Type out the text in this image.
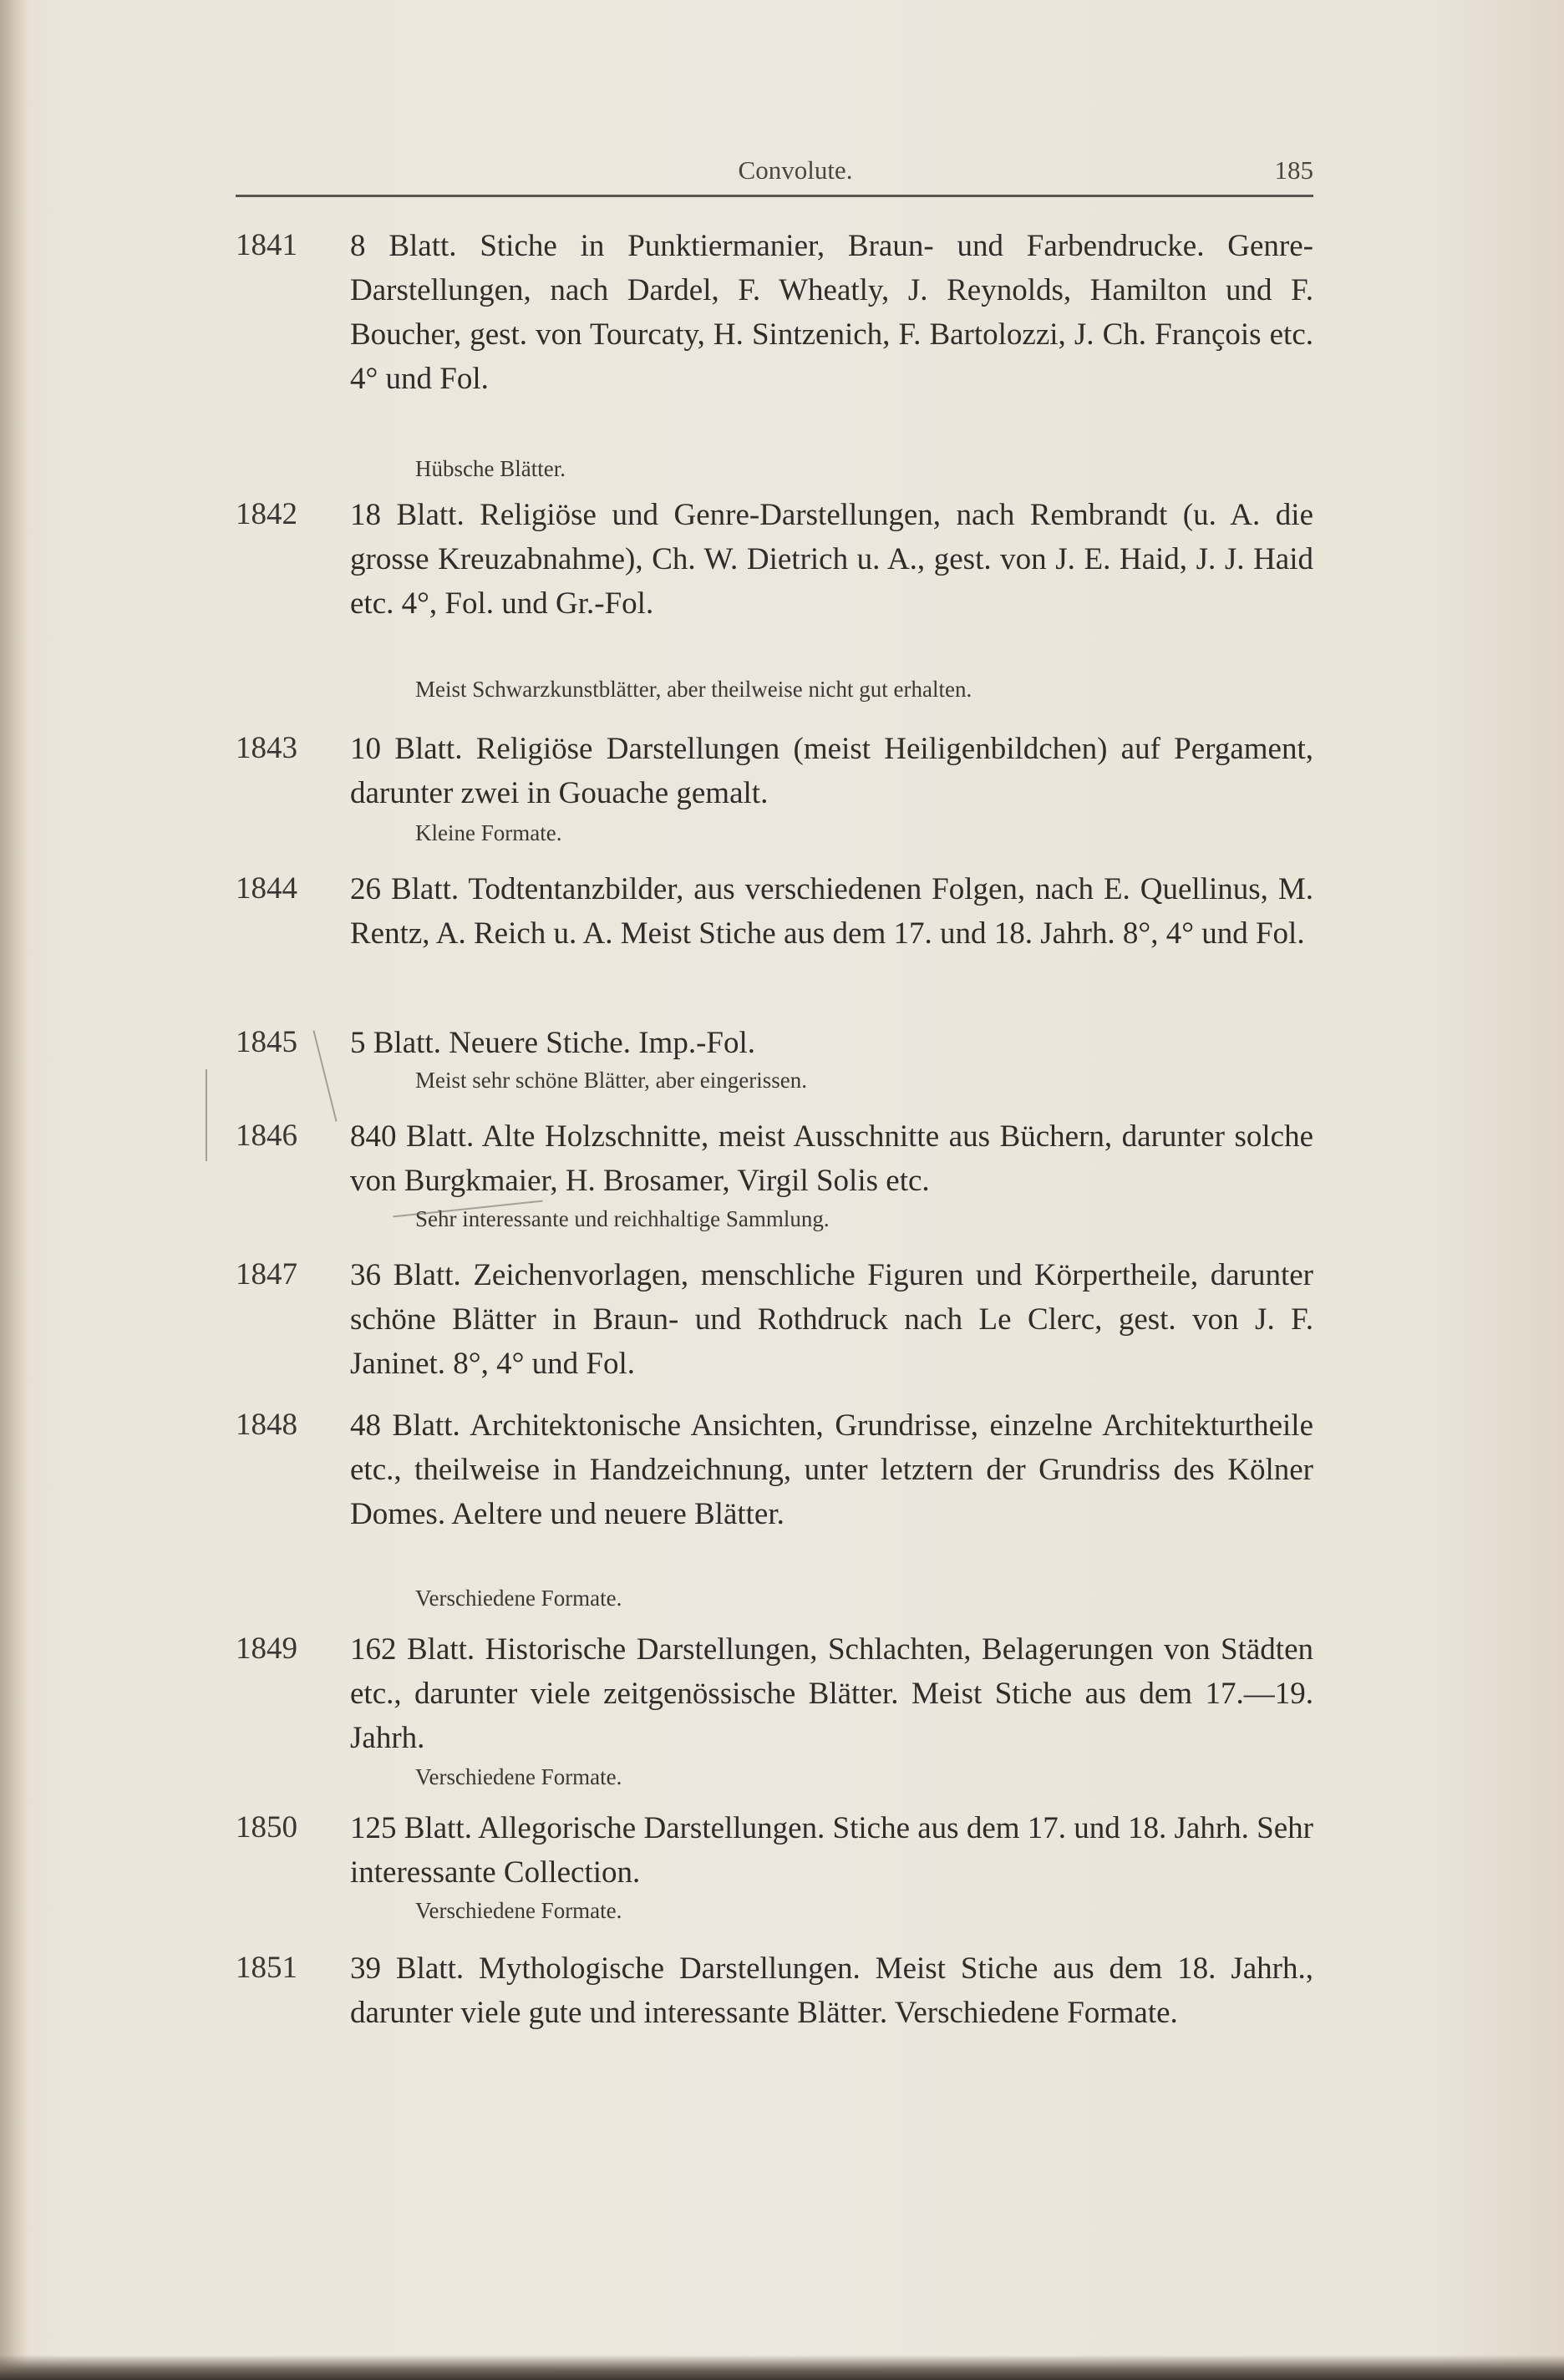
Convolute.	185
1841 8 Blatt. Stiche in Punktiermanier, Braun- und Farbendrucke. Genre-Darstellungen, nach Dardel, F. Wheatly, J. Reynolds, Hamilton und F. Boucher, gest. von Tourcaty, H. Sintzenich, F. Bartolozzi, J. Ch. François etc. 4° und Fol.
Hübsche Blätter.
1842 18 Blatt. Religiöse und Genre-Darstellungen, nach Rembrandt (u. A. die grosse Kreuzabnahme), Ch. W. Dietrich u. A., gest. von J. E. Haid, J. J. Haid etc. 4°, Fol. und Gr.-Fol.
Meist Schwarzkunstblätter, aber theilweise nicht gut erhalten.
1843 10 Blatt. Religiöse Darstellungen (meist Heiligenbildchen) auf Pergament, darunter zwei in Gouache gemalt.
Kleine Formate.
1844 26 Blatt. Todtentanzbilder, aus verschiedenen Folgen, nach E. Quellinus, M. Rentz, A. Reich u. A. Meist Stiche aus dem 17. und 18. Jahrh. 8°, 4° und Fol.
1845 5 Blatt. Neuere Stiche. Imp.-Fol.
Meist sehr schöne Blätter, aber eingerissen.
1846 840 Blatt. Alte Holzschnitte, meist Ausschnitte aus Büchern, darunter solche von Burgkmaier, H. Brosamer, Virgil Solis etc.
Sehr interessante und reichhaltige Sammlung.
1847 36 Blatt. Zeichenvorlagen, menschliche Figuren und Körpertheile, darunter schöne Blätter in Braun- und Rothdruck nach Le Clerc, gest. von J. F. Janinet. 8°, 4° und Fol.
1848 48 Blatt. Architektonische Ansichten, Grundrisse, einzelne Architekturtheile etc., theilweise in Handzeichnung, unter letztern der Grundriss des Kölner Domes. Aeltere und neuere Blätter.
Verschiedene Formate.
1849 162 Blatt. Historische Darstellungen, Schlachten, Belagerungen von Städten etc., darunter viele zeitgenössische Blätter. Meist Stiche aus dem 17.—19. Jahrh.
Verschiedene Formate.
1850 125 Blatt. Allegorische Darstellungen. Stiche aus dem 17. und 18. Jahrh. Sehr interessante Collection.
Verschiedene Formate.
1851 39 Blatt. Mythologische Darstellungen. Meist Stiche aus dem 18. Jahrh., darunter viele gute und interessante Blätter. Verschiedene Formate.
